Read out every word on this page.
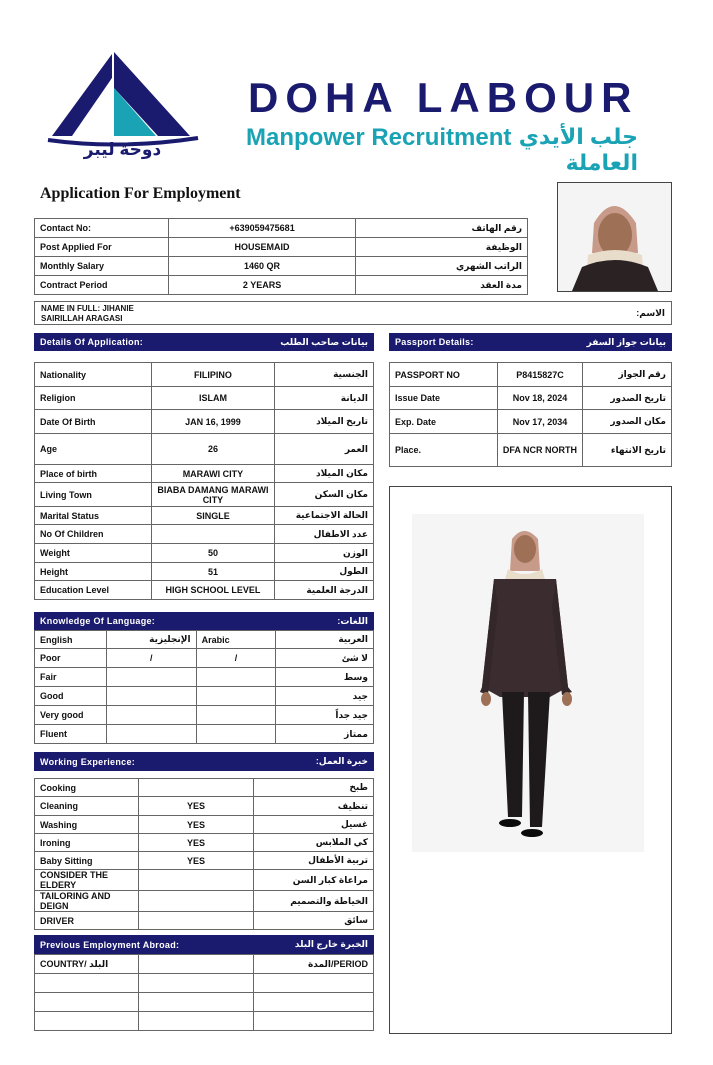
دوحة ليبر
DOHA LABOUR
Manpower Recruitment جلب الأيدي العاملة
Application For Employment
Contact No:	+639059475681	رقم الهاتف
Post Applied For	HOUSEMAID	الوظيفة
Monthly Salary	1460 QR	الراتب الشهري
Contract Period	2 YEARS	مدة العقد
NAME IN FULL: JIHANIE
SAIRILLAH ARAGASI
الاسم:
Details Of Application:	بيانات صاحب الطلب
Nationality	FILIPINO	الجنسية
Religion	ISLAM	الديانة
Date Of Birth	JAN 16, 1999	تاريخ الميلاد
Age	26	العمر
Place of birth	MARAWI CITY	مكان الميلاد
Living Town	BIABA DAMANG MARAWI CITY	مكان السكن
Marital Status	SINGLE	الحالة الاجتماعية
No Of Children		عدد الاطفال
Weight	50	الوزن
Height	51	الطول
Education Level	HIGH SCHOOL LEVEL	الدرجة العلمية
Passport Details:	بيانات جواز السفر
PASSPORT NO	P8415827C	رقم الجواز
Issue Date	Nov 18, 2024	تاريخ الصدور
Exp. Date	Nov 17, 2034	مكان الصدور
Place.	DFA NCR NORTH	تاريخ الانتهاء
Knowledge Of Language:	اللغات:
English	الإنجليزية	Arabic	العربية
Poor	/	/	لا شئ
Fair			وسط
Good			جيد
Very good			جيد جداً
Fluent			ممتاز
Working Experience:	خبرة العمل:
Cooking		طبخ
Cleaning	YES	تنظيف
Washing	YES	غسيل
Ironing	YES	كي الملابس
Baby Sitting	YES	تربية الأطفال
CONSIDER THE ELDERY		مراعاة كبار السن
TAILORING AND DEIGN		الخياطة والتصميم
DRIVER		سائق
Previous Employment Abroad:	الخبرة خارج البلد
COUNTRY/ البلد		PERIOD/المدة
